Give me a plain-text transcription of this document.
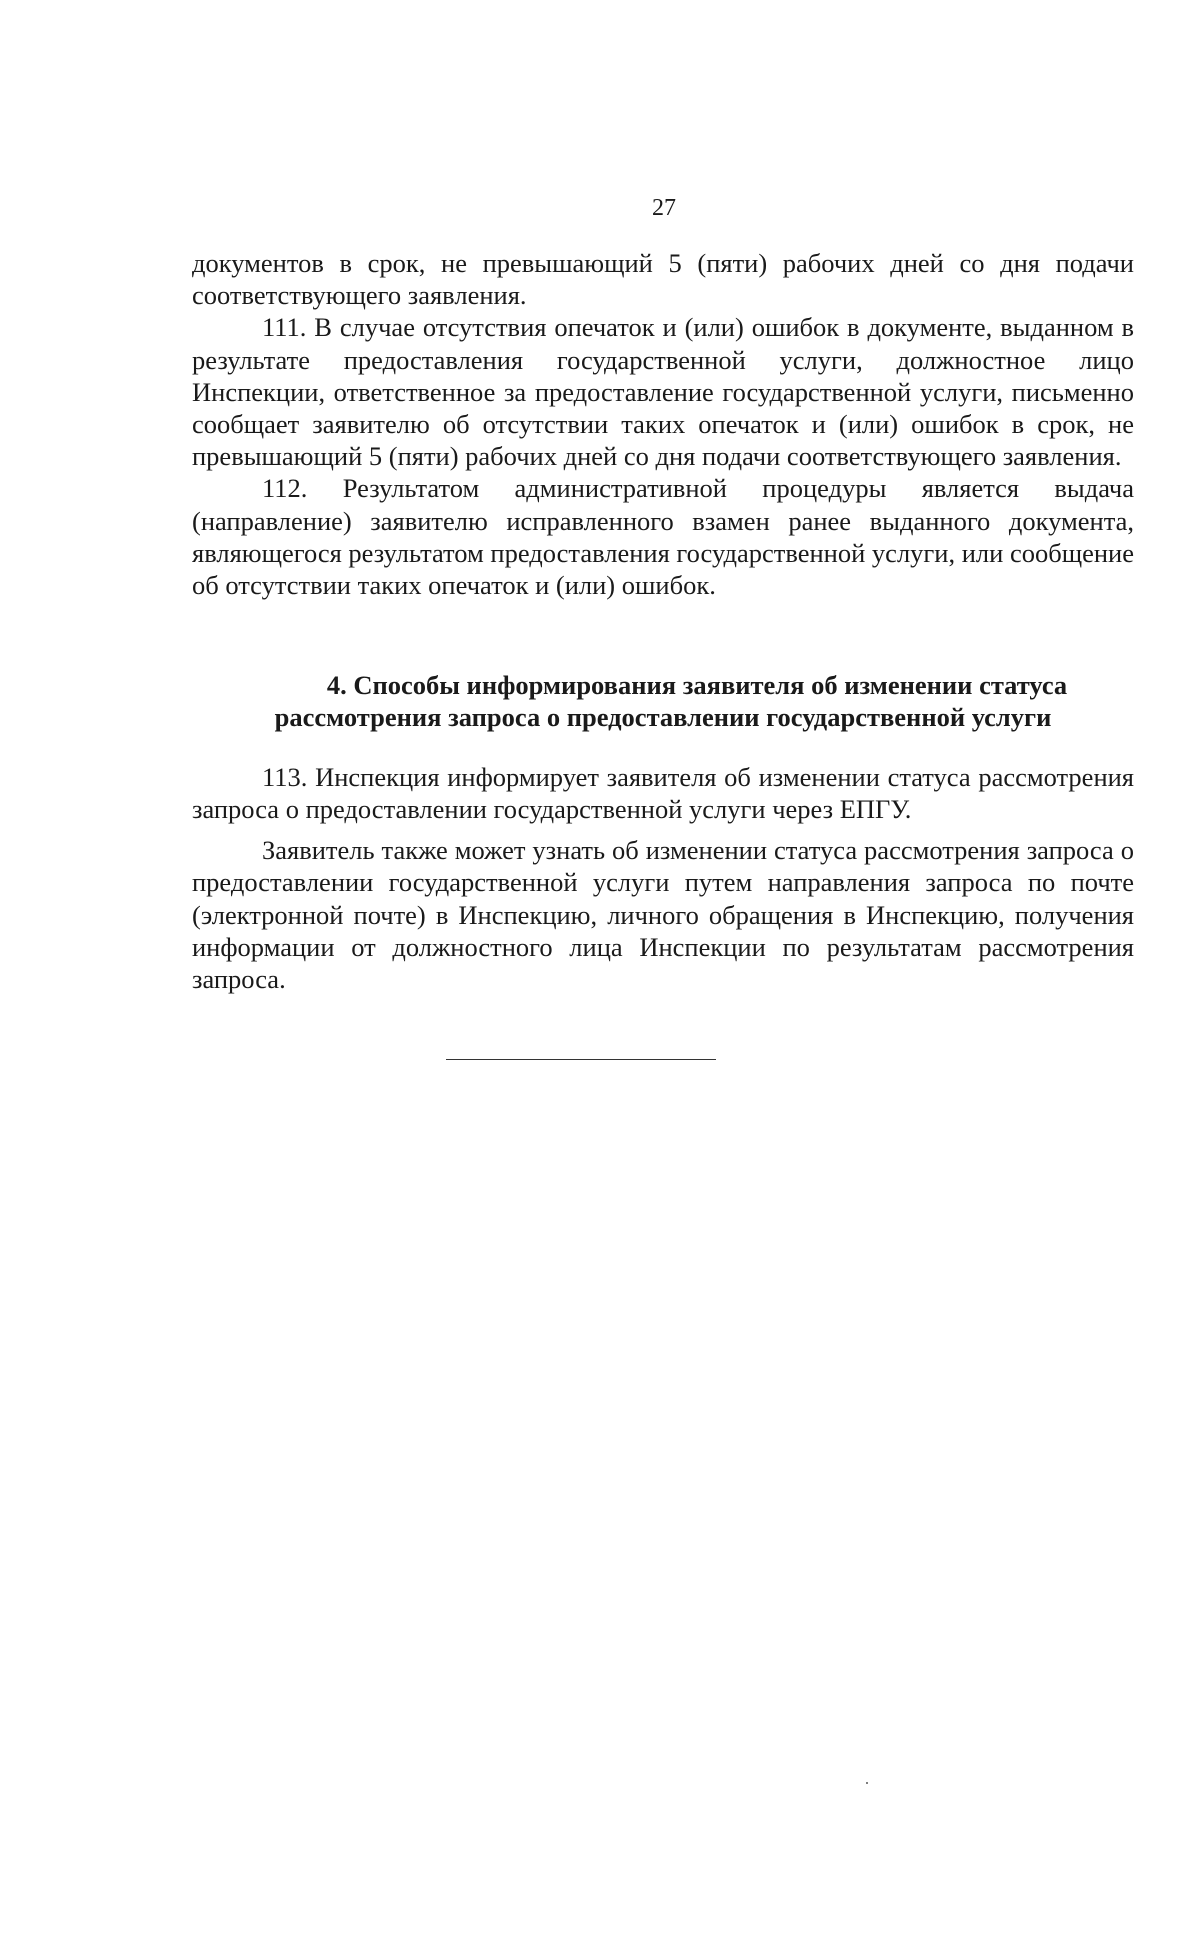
27

документов в срок, не превышающий 5 (пяти) рабочих дней со дня подачи соответствующего заявления.

111. В случае отсутствия опечаток и (или) ошибок в документе, выданном в результате предоставления государственной услуги, должностное лицо Инспекции, ответственное за предоставление государственной услуги, письменно сообщает заявителю об отсутствии таких опечаток и (или) ошибок в срок, не превышающий 5 (пяти) рабочих дней со дня подачи соответствующего заявления.

112. Результатом административной процедуры является выдача (направление) заявителю исправленного взамен ранее выданного документа, являющегося результатом предоставления государственной услуги, или сообщение об отсутствии таких опечаток и (или) ошибок.

4. Способы информирования заявителя об изменении статуса
рассмотрения запроса о предоставлении государственной услуги

113. Инспекция информирует заявителя об изменении статуса рассмотрения запроса о предоставлении государственной услуги через ЕПГУ.

Заявитель также может узнать об изменении статуса рассмотрения запроса о предоставлении государственной услуги путем направления запроса по почте (электронной почте) в Инспекцию, личного обращения в Инспекцию, получения информации от должностного лица Инспекции по результатам рассмотрения запроса.
